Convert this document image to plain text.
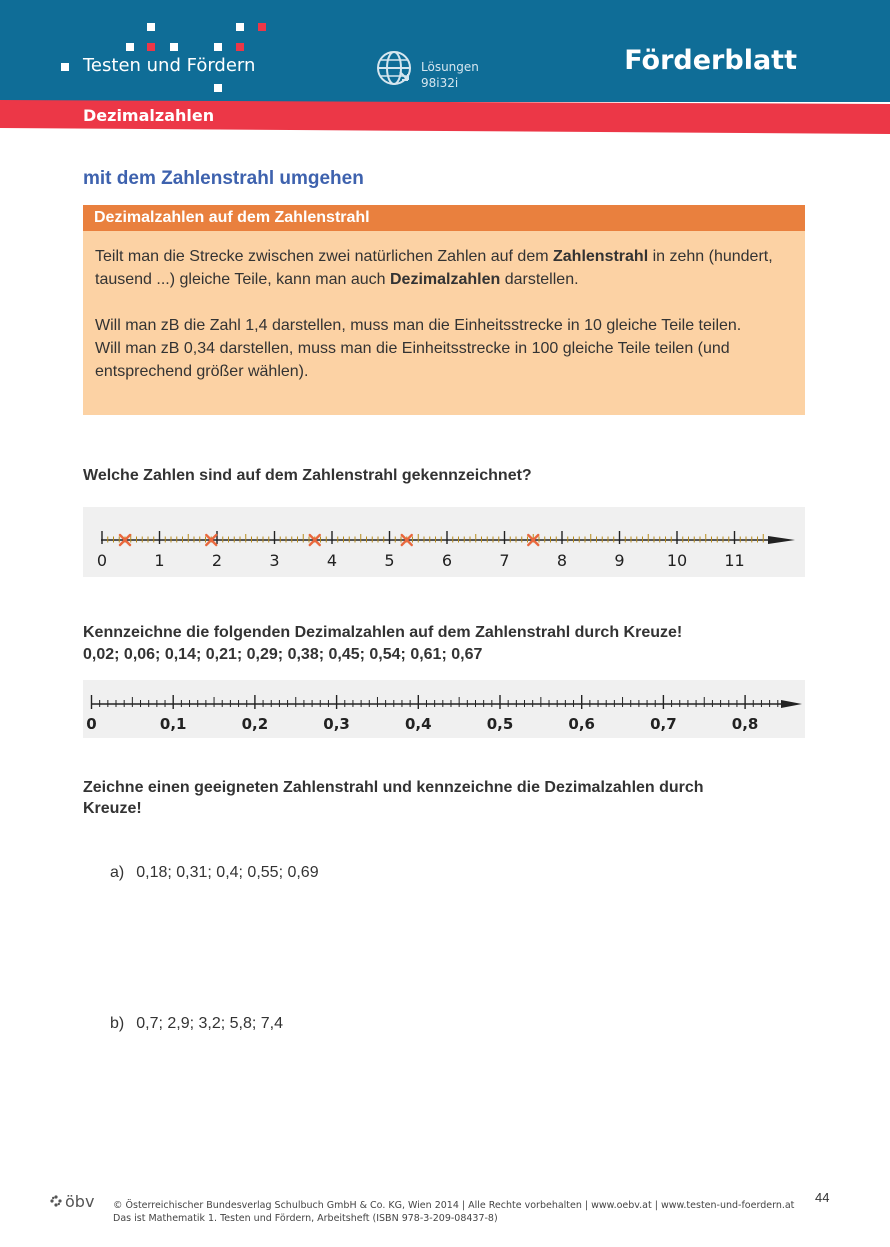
Testen und Fördern	Lösungen
98i32i
Förderblatt
Dezimalzahlen
mit dem Zahlenstrahl umgehen
Dezimalzahlen auf dem Zahlenstrahl

Teilt man die Strecke zwischen zwei natürlichen Zahlen auf dem Zahlenstrahl in zehn (hundert, tausend ...) gleiche Teile, kann man auch Dezimalzahlen darstellen.

Will man zB die Zahl 1,4 darstellen, muss man die Einheitsstrecke in 10 gleiche Teile teilen.

Will man zB 0,34 darstellen, muss man die Einheitsstrecke in 100 gleiche Teile teilen (und entsprechend größer wählen).

Welche Zahlen sind auf dem Zahlenstrahl gekennzeichnet?
0	1	2	3	4	5	6	7	8	9	10 11
Kennzeichne die folgenden Dezimalzahlen auf dem Zahlenstrahl durch Kreuze!
0,02; 0,06; 0,14; 0,21; 0,29; 0,38; 0,45; 0,54; 0,61; 0,67
0	0,1	0,2	0,3	0,4	0,5	0,6	0,7	0,8
Zeichne einen geeigneten Zahlenstrahl und kennzeichne die Dezimalzahlen durch
Kreuze!
a) 0,18; 0,31; 0,4; 0,55; 0,69
b) 0,7; 2,9; 3,2; 5,8; 7,4
öbv © Österreichischer Bundesverlag Schulbuch GmbH & Co. KG, Wien 2014 | Alle Rechte vorbehalten | www.oebv.at | www.testen-und-foerdern.at
Das ist Mathematik 1. Testen und Fördern, Arbeitsheft (ISBN 978-3-209-08437-8)
44
